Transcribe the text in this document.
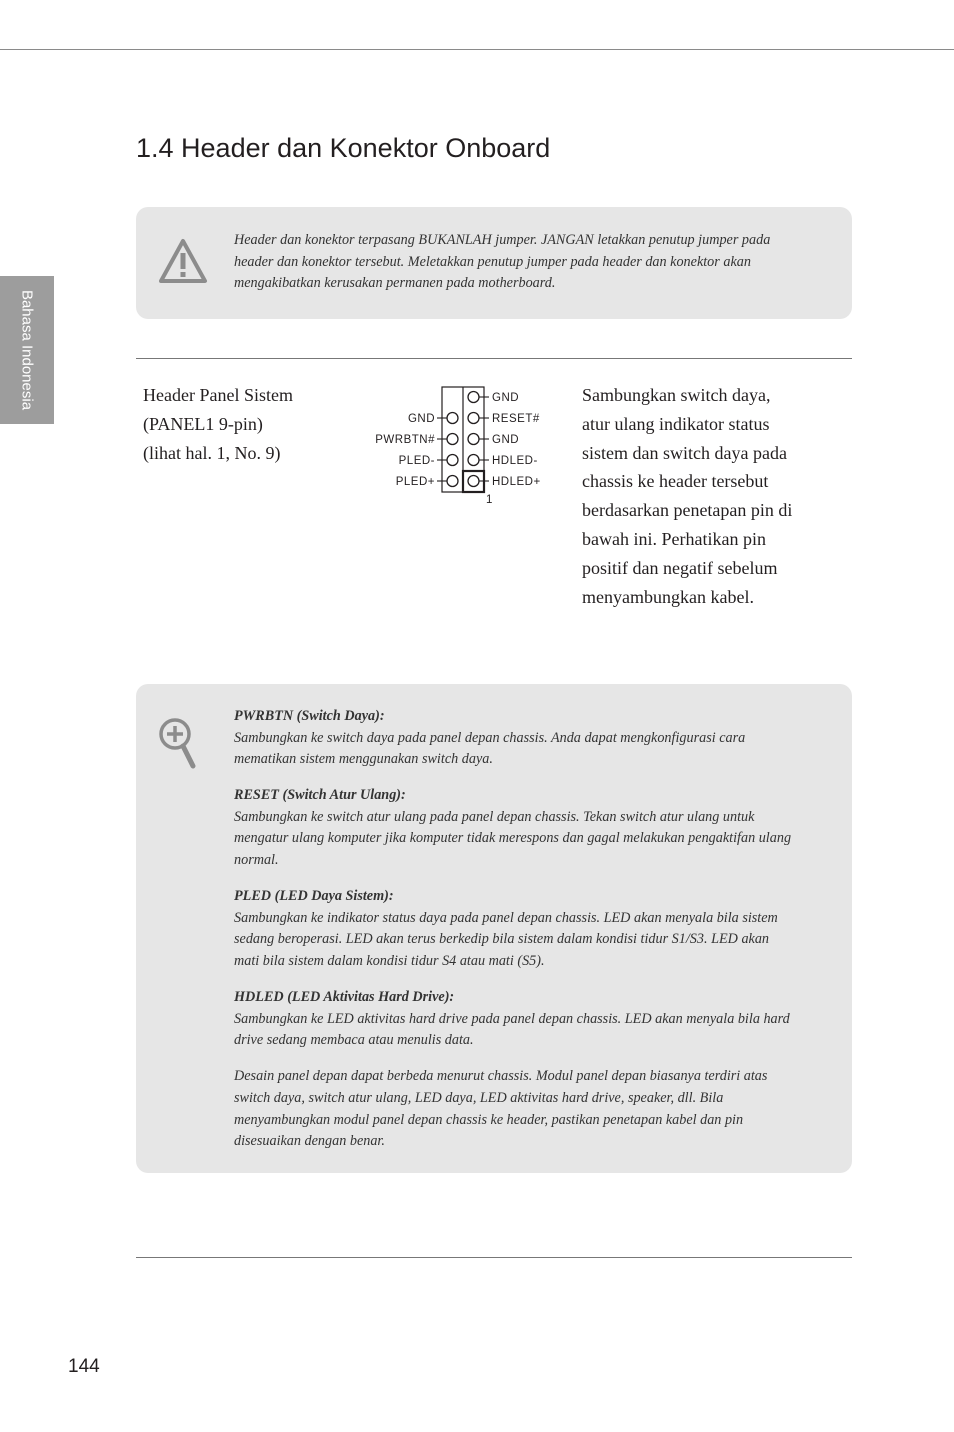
Bahasa Indonesia
1.4 Header dan Konektor Onboard

Header dan konektor terpasang BUKANLAH jumper. JANGAN letakkan penutup jumper pada header dan konektor tersebut. Meletakkan penutup jumper pada header dan konektor akan mengakibatkan kerusakan permanen pada motherboard.

Header Panel Sistem
(PANEL1 9-pin)
(lihat hal. 1, No. 9)
GND
PWRBTN#
PLED-
PLED+
GND
RESET#
GND
HDLED-
HDLED+
1
Sambungkan switch daya, atur ulang indikator status sistem dan switch daya pada chassis ke header tersebut berdasarkan penetapan pin di bawah ini. Perhatikan pin positif dan negatif sebelum menyambungkan kabel.
PWRBTN (Switch Daya):
Sambungkan ke switch daya pada panel depan chassis. Anda dapat mengkonfigurasi cara mematikan sistem menggunakan switch daya.
RESET (Switch Atur Ulang):
Sambungkan ke switch atur ulang pada panel depan chassis. Tekan switch atur ulang untuk mengatur ulang komputer jika komputer tidak merespons dan gagal melakukan pengaktifan ulang normal.
PLED (LED Daya Sistem):
Sambungkan ke indikator status daya pada panel depan chassis. LED akan menyala bila sistem sedang beroperasi. LED akan terus berkedip bila sistem dalam kondisi tidur S1/S3. LED akan mati bila sistem dalam kondisi tidur S4 atau mati (S5).
HDLED (LED Aktivitas Hard Drive):
Sambungkan ke LED aktivitas hard drive pada panel depan chassis. LED akan menyala bila hard drive sedang membaca atau menulis data.
Desain panel depan dapat berbeda menurut chassis. Modul panel depan biasanya terdiri atas switch daya, switch atur ulang, LED daya, LED aktivitas hard drive, speaker, dll. Bila menyambungkan modul panel depan chassis ke header, pastikan penetapan kabel dan pin disesuaikan dengan benar.
144
